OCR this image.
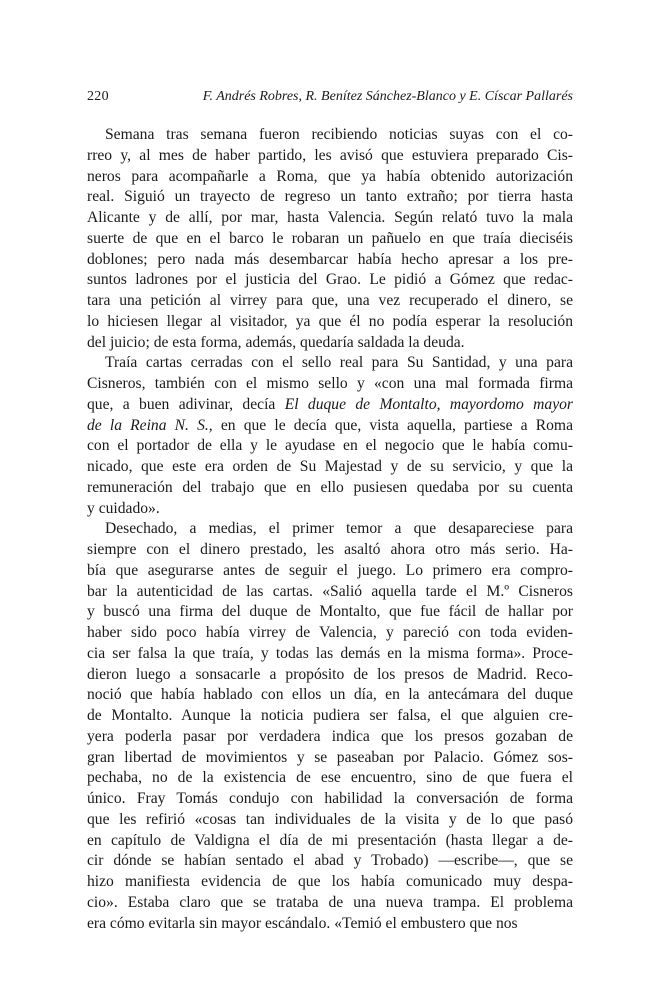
220	F. Andrés Robres, R. Benítez Sánchez-Blanco y E. Císcar Pallarés
Semana tras semana fueron recibiendo noticias suyas con el co -
rreo y, al mes de haber partido, les avisó que estuviera preparado Cis -
neros para acompañarle a Roma, que ya había obtenido autorización
real. Siguió un trayecto de regreso un tanto extraño; por tierra hasta
Alicante y de allí, por mar, hasta Valencia. Según relató tuvo la mala
suerte de que en el barco le robaran un pañuelo en que traía dieciséis
doblones; pero nada más desembarcar había hecho apresar a los pre -
suntos ladrones por el justicia del Grao. Le pidió a Gómez que redac -
tara una petición al virrey para que, una vez recuperado el dinero, se
lo hiciesen llegar al visitador, ya que él no podía esperar la resolución
del juicio; de esta forma, además, quedaría saldada la deuda.
Traía cartas cerradas con el sello real para Su Santidad, y una para
Cisneros, también con el mismo sello y «con una mal formada firma
que, a buen adivinar, decía El duque de Montalto, mayordomo mayor
de la Reina N. S., en que le decía que, vista aquella, partiese a Roma
con el portador de ella y le ayudase en el negocio que le había comu -
nicado, que este era orden de Su Majestad y de su servicio, y que la
remuneración del trabajo que en ello pusiesen quedaba por su cuenta
y cuidado».
Desechado, a medias, el primer temor a que desapareciese para
siempre con el dinero prestado, les asaltó ahora otro más serio. Ha -
bía que asegurarse antes de seguir el juego. Lo primero era compro -
bar la autenticidad de las cartas. «Salió aquella tarde el M.º Cisneros
y buscó una firma del duque de Montalto, que fue fácil de hallar por
haber sido poco había virrey de Valencia, y pareció con toda eviden -
cia ser falsa la que traía, y todas las demás en la misma forma». Proce -
dieron luego a sonsacarle a propósito de los presos de Madrid. Reco -
noció que había hablado con ellos un día, en la antecámara del duque
de Montalto. Aunque la noticia pudiera ser falsa, el que alguien cre -
yera poderla pasar por verdadera indica que los presos gozaban de
gran libertad de movimientos y se paseaban por Palacio. Gómez sos -
pechaba, no de la existencia de ese encuentro, sino de que fuera el
único. Fray Tomás condujo con habilidad la conversación de forma
que les refirió «cosas tan individuales de la visita y de lo que pasó
en capítulo de Valdigna el día de mi presentación (hasta llegar a de -
cir dónde se habían sentado el abad y Trobado) —escribe—, que se
hizo manifiesta evidencia de que los había comunicado muy despa -
cio». Estaba claro que se trataba de una nueva trampa. El problema
era cómo evitarla sin mayor escándalo. «Temió el embustero que nos
